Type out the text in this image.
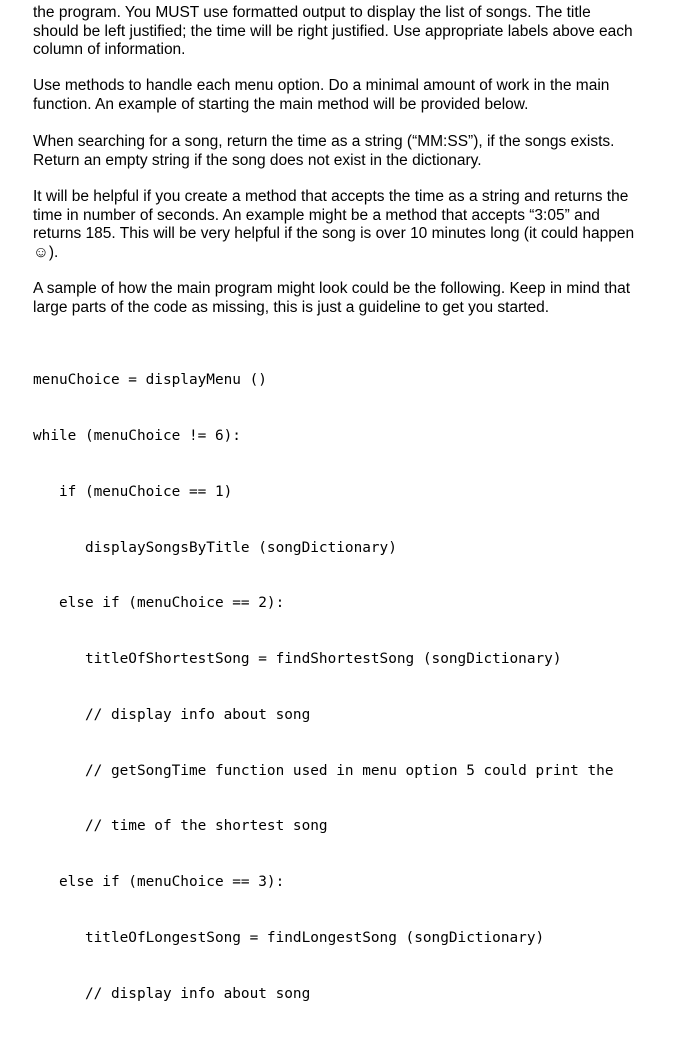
the program. You MUST use formatted output to display the list of songs. The title
should be left justified; the time will be right justified. Use appropriate labels above each
column of information.

Use methods to handle each menu option. Do a minimal amount of work in the main
function. An example of starting the main method will be provided below.

When searching for a song, return the time as a string (“MM:SS”), if the songs exists.
Return an empty string if the song does not exist in the dictionary.

It will be helpful if you create a method that accepts the time as a string and returns the
time in number of seconds. An example might be a method that accepts “3:05” and
returns 185. This will be very helpful if the song is over 10 minutes long (it could happen
☺).

A sample of how the main program might look could be the following. Keep in mind that
large parts of the code as missing, this is just a guideline to get you started.

menuChoice = displayMenu ()

while (menuChoice != 6):

if (menuChoice == 1)

displaySongsByTitle (songDictionary)

else if (menuChoice == 2):

titleOfShortestSong = findShortestSong (songDictionary)

// display info about song

// getSongTime function used in menu option 5 could print the

// time of the shortest song

else if (menuChoice == 3):

titleOfLongestSong = findLongestSong (songDictionary)

// display info about song
